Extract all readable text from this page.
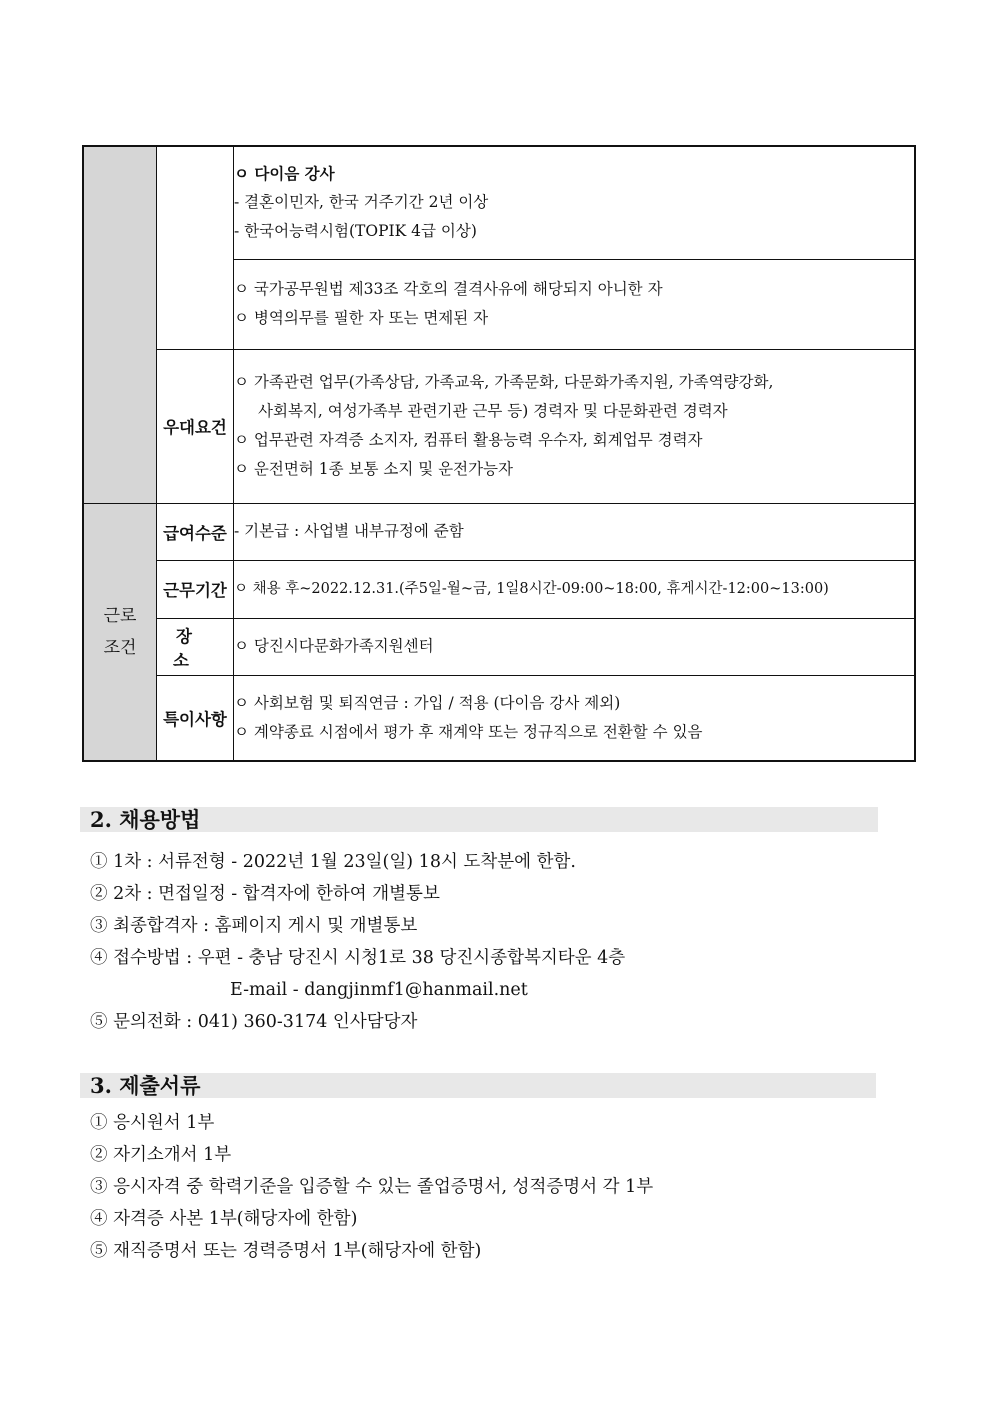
		ㅇ 다이음 강사
- 결혼이민자, 한국 거주기간 2년 이상
- 한국어능력시험(TOPIK 4급 이상)

		ㅇ 국가공무원법 제33조 각호의 결격사유에 해당되지 아니한 자
ㅇ 병역의무를 필한 자 또는 면제된 자

	우대요건	ㅇ 가족관련 업무(가족상담, 가족교육, 가족문화, 다문화가족지원, 가족역량강화,
사회복지, 여성가족부 관련기관 근무 등) 경력자 및 다문화관련 경력자
ㅇ 업무관련 자격증 소지자, 컴퓨터 활용능력 우수자, 회계업무 경력자
ㅇ 운전면허 1종 보통 소지 및 운전가능자

근로
조건	급여수준	- 기본급 : 사업별 내부규정에 준함

	근무기간	ㅇ 채용 후~2022.12.31.(주5일-월~금, 1일8시간-09:00~18:00, 휴게시간-12:00~13:00)

	장 소	ㅇ 당진시다문화가족지원센터

	특이사항	ㅇ 사회보험 및 퇴직연금 : 가입 / 적용 (다이음 강사 제외)
ㅇ 계약종료 시점에서 평가 후 재계약 또는 정규직으로 전환할 수 있음
2. 채용방법
① 1차 : 서류전형 - 2022년 1월 23일(일) 18시 도착분에 한함.
② 2차 : 면접일정 - 합격자에 한하여 개별통보
③ 최종합격자 : 홈페이지 게시 및 개별통보
④ 접수방법 : 우편 - 충남 당진시 시청1로 38 당진시종합복지타운 4층
E-mail - dangjinmf1@hanmail.net
⑤ 문의전화 : 041) 360-3174 인사담당자
3. 제출서류
① 응시원서 1부
② 자기소개서 1부
③ 응시자격 중 학력기준을 입증할 수 있는 졸업증명서, 성적증명서 각 1부
④ 자격증 사본 1부(해당자에 한함)
⑤ 재직증명서 또는 경력증명서 1부(해당자에 한함)
